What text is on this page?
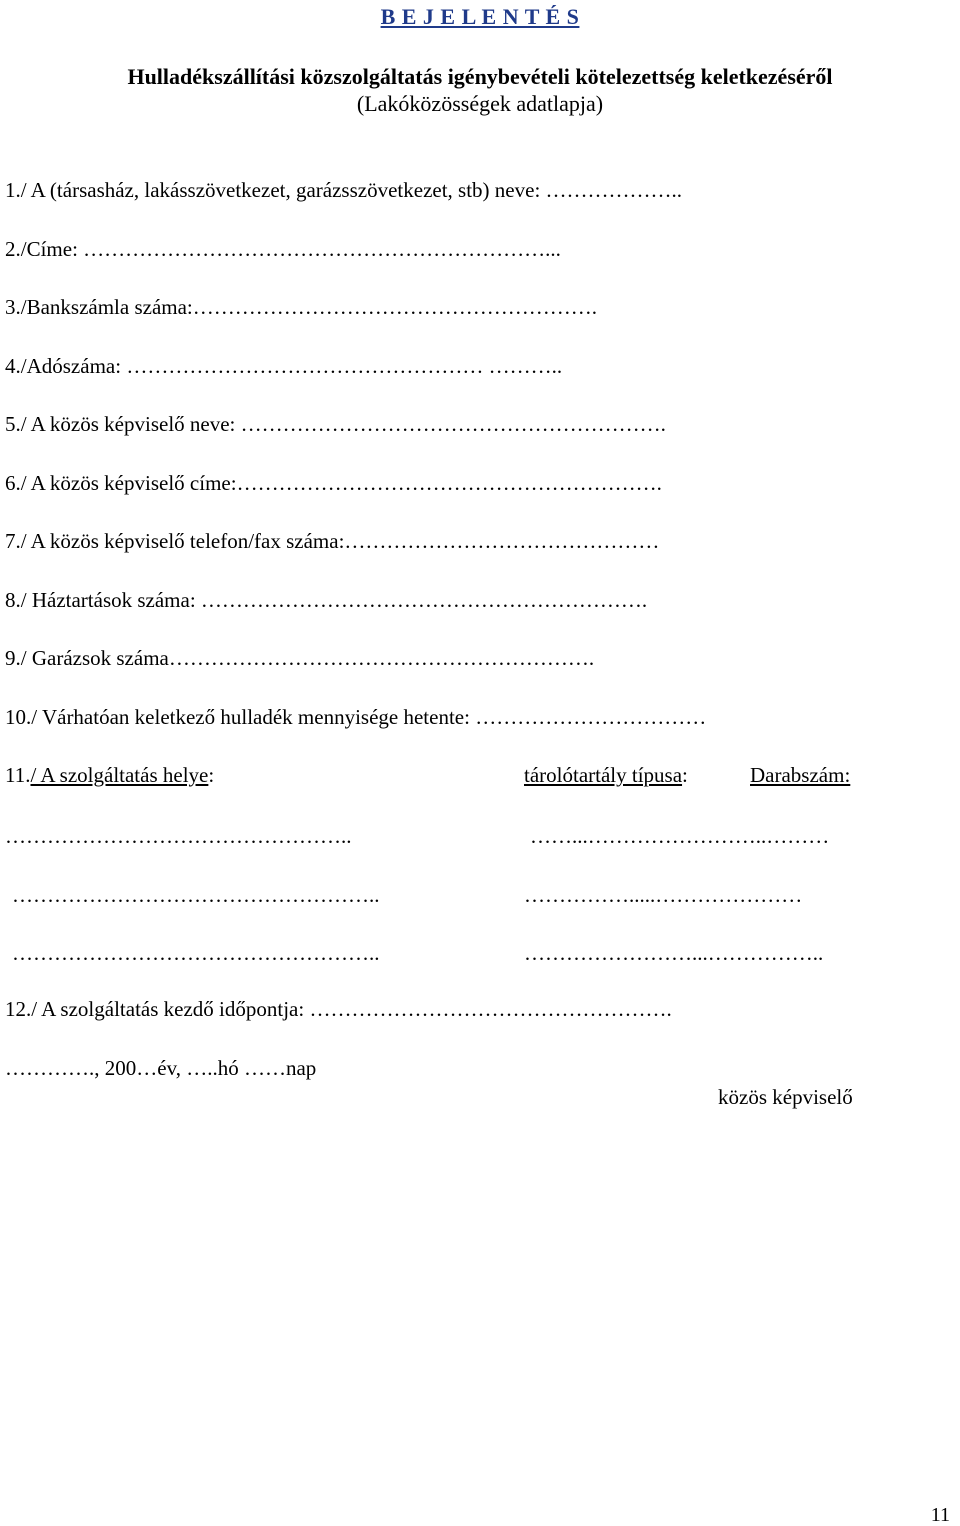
B E J E L E N T É S
Hulladékszállítási közszolgáltatás igénybevételi kötelezettség keletkezéséről
(Lakóközösségek adatlapja)
1./ A (társasház, lakásszövetkezet, garázsszövetkezet, stb) neve: ………………..
2./Címe: …………………………………………………………...
3./Bankszámla száma:………………………………………………….
4./Adószáma: …………………………………………… ………..
5./ A közös képviselő neve: …………………………………………………….
6./ A közös képviselő címe:…………………………………………………….
7./ A közös képviselő telefon/fax száma:………………………………………
8./ Háztartások száma: ……………………………………………………….
9./ Garázsok száma…………………………………………………….
10./ Várhatóan keletkező hulladék mennyisége hetente: ……………………………
11./ A szolgáltatás helye:	tárolótartály típusa:	Darabszám:
…………………………………………..	……...……………………..………
……………………………………………..	…………….....…………………
……………………………………………..	……………………...……………..
12./ A szolgáltatás kezdő időpontja: …………………………………………….
…………., 200…év, …..hó ……nap
közös képviselő
11
